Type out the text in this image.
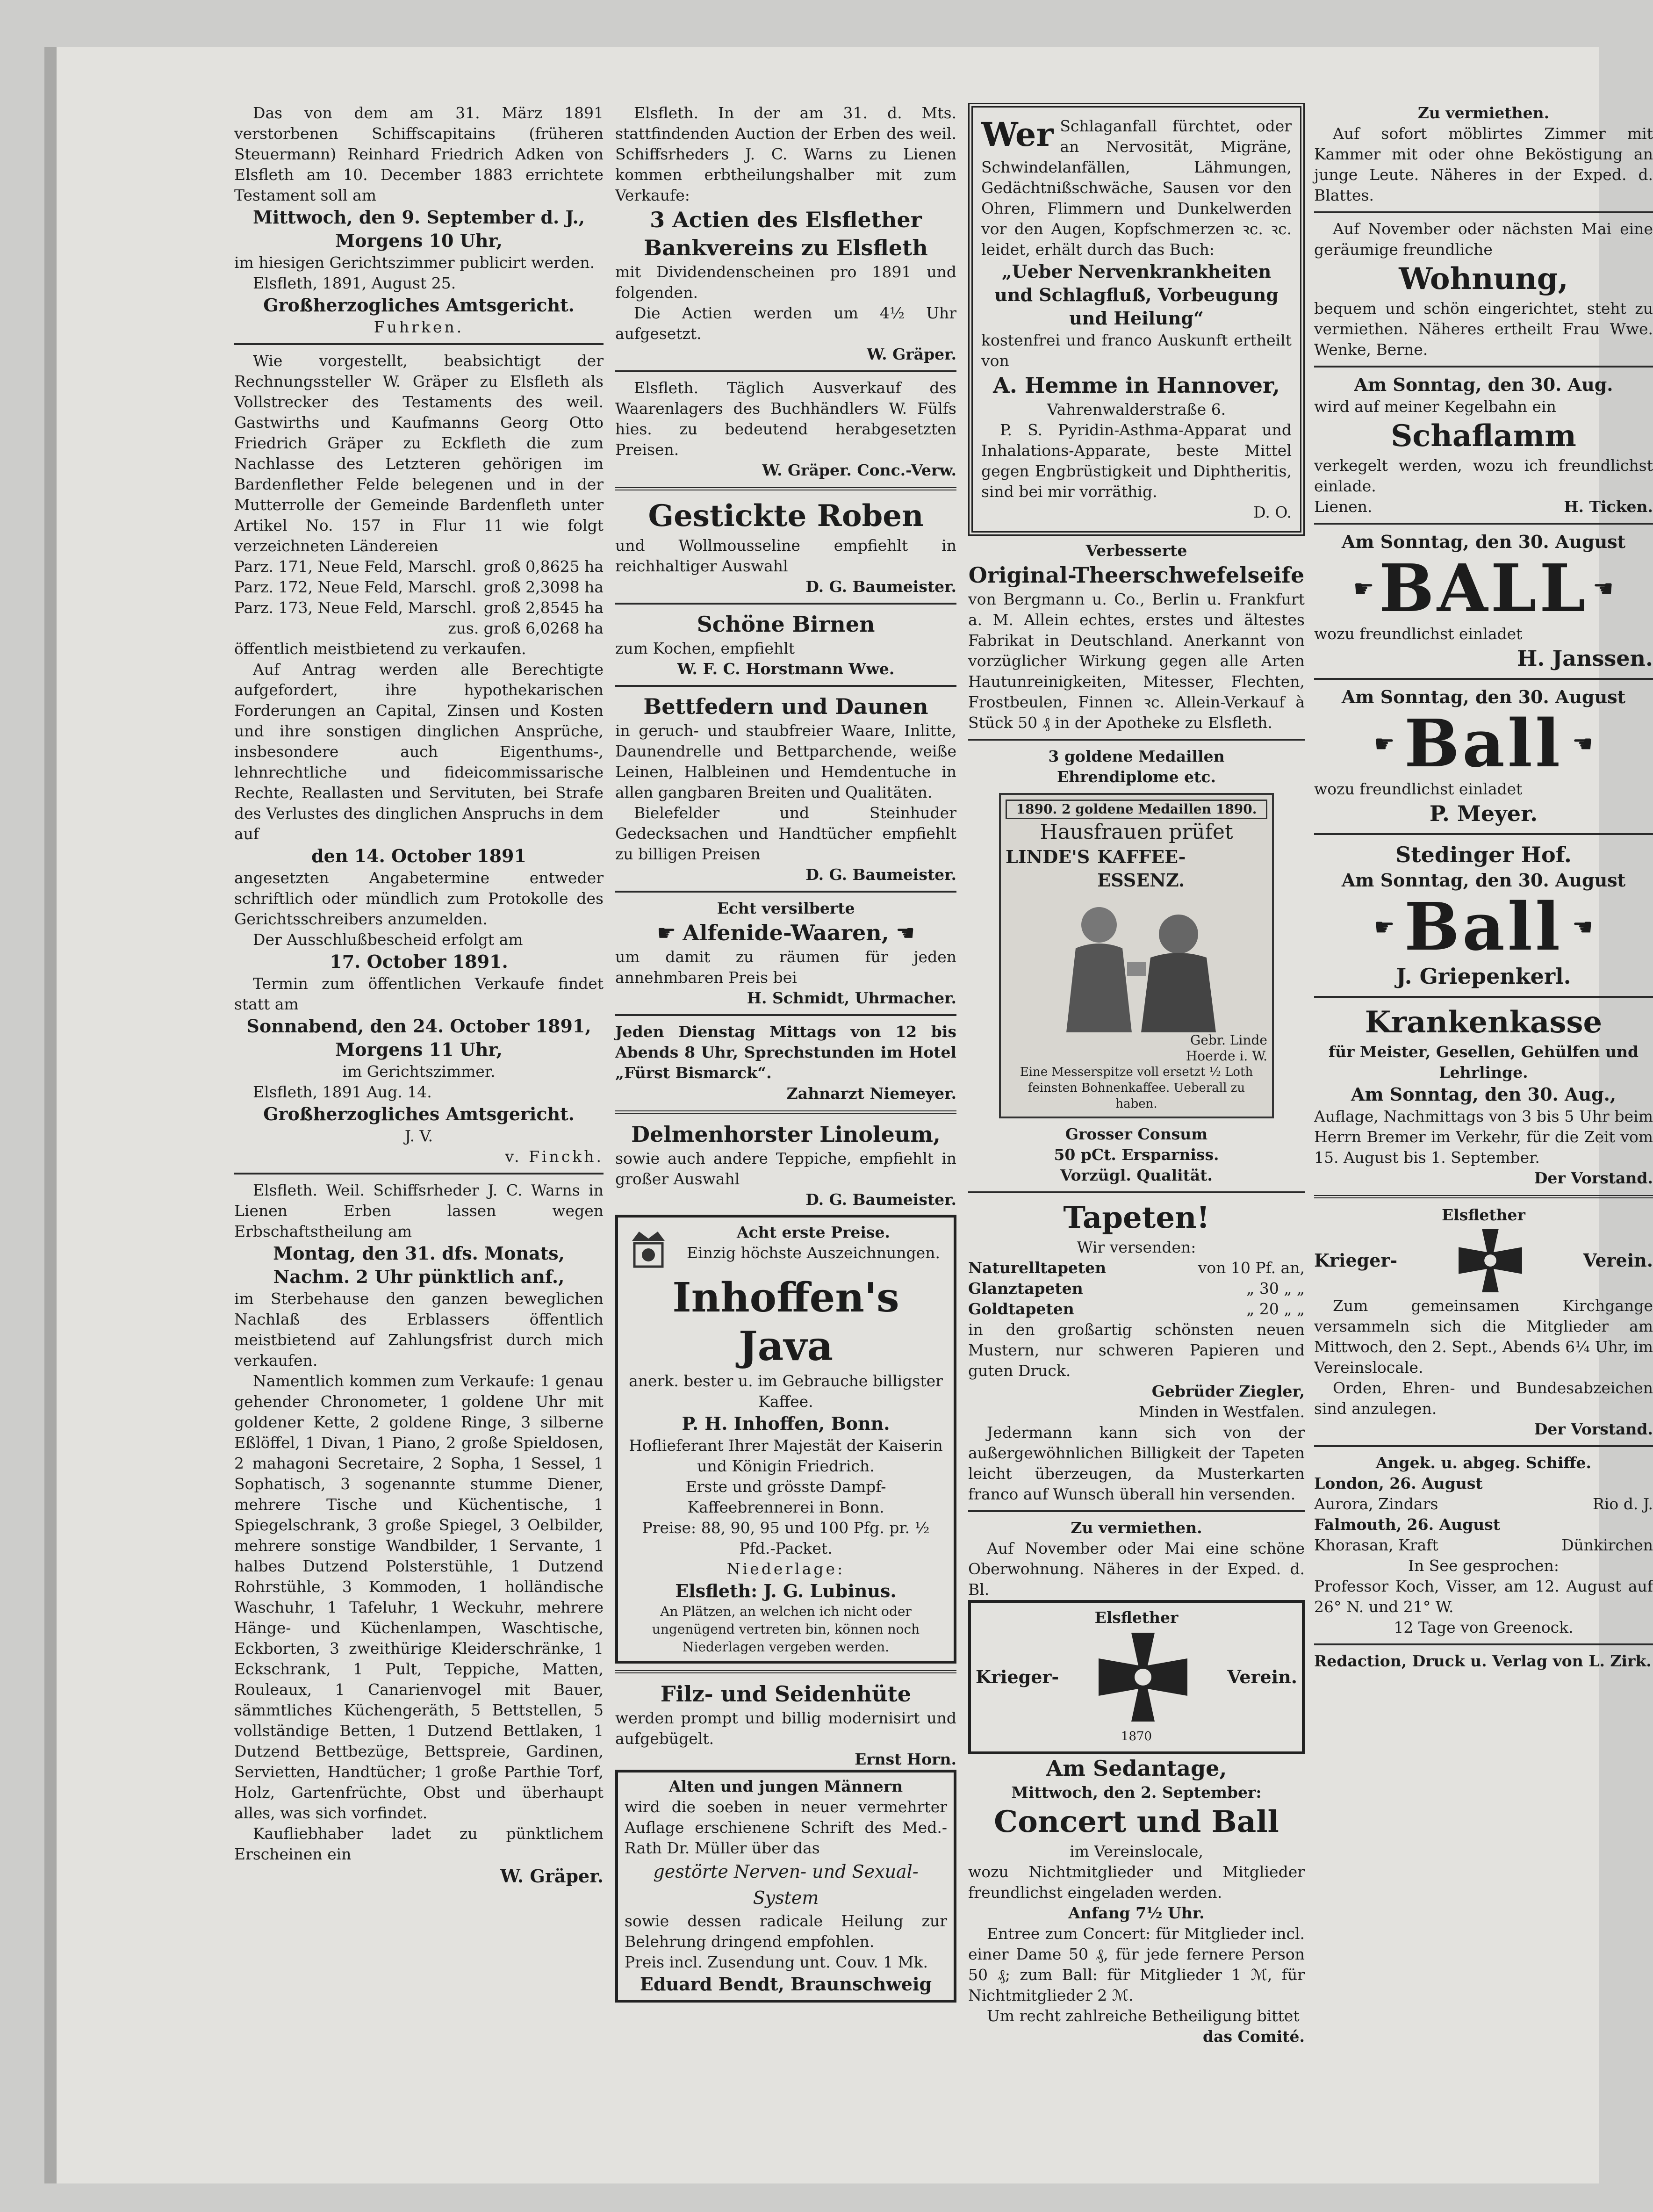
Das von dem am 31. März 1891 verstorbenen Schiffscapitains (früheren Steuermann) Reinhard Friedrich Adken von Elsfleth am 10. December 1883 errichtete Testament soll am

Mittwoch, den 9. September d. J.,

Morgens 10 Uhr,

im hiesigen Gerichtszimmer publicirt werden.

Elsfleth, 1891, August 25.

Großherzogliches Amtsgericht.

Fuhrken.

Wie vorgestellt, beabsichtigt der Rechnungssteller W. Gräper zu Elsfleth als Vollstrecker des Testaments des weil. Gastwirths und Kaufmanns Georg Otto Friedrich Gräper zu Eckfleth die zum Nachlasse des Letzteren gehörigen im Bardenflether Felde belegenen und in der Mutterrolle der Gemeinde Bardenfleth unter Artikel No. 157 in Flur 11 wie folgt verzeichneten Ländereien

Parz. 171, Neue Feld, Marschl. groß 0,8625 ha
Parz. 172, Neue Feld, Marschl. groß 2,3098 ha
Parz. 173, Neue Feld, Marschl. groß 2,8545 ha

zus. groß 6,0268 ha

öffentlich meistbietend zu verkaufen.

Auf Antrag werden alle Berechtigte aufgefordert, ihre hypothekarischen Forderungen an Capital, Zinsen und Kosten und ihre sonstigen dinglichen Ansprüche, insbesondere auch Eigenthums-, lehnrechtliche und fideicommissarische Rechte, Reallasten und Servituten, bei Strafe des Verlustes des dinglichen Anspruchs in dem auf

den 14. October 1891

angesetzten Angabetermine entweder schriftlich oder mündlich zum Protokolle des Gerichtsschreibers anzumelden.

Der Ausschlußbescheid erfolgt am

17. October 1891.

Termin zum öffentlichen Verkaufe findet statt am

Sonnabend, den 24. October 1891,

Morgens 11 Uhr,

im Gerichtszimmer.

Elsfleth, 1891 Aug. 14.

Großherzogliches Amtsgericht.

J. V.

v. Finckh.

Elsfleth. Weil. Schiffsrheder J. C. Warns in Lienen Erben lassen wegen Erbschaftstheilung am

Montag, den 31. dfs. Monats, Nachm. 2 Uhr pünktlich anf.,

im Sterbehause den ganzen beweglichen Nachlaß des Erblassers öffentlich meistbietend auf Zahlungsfrist durch mich verkaufen.

Namentlich kommen zum Verkaufe: 1 genau gehender Chronometer, 1 goldene Uhr mit goldener Kette, 2 goldene Ringe, 3 silberne Eßlöffel, 1 Divan, 1 Piano, 2 große Spieldosen, 2 mahagoni Secretaire, 2 Sopha, 1 Sessel, 1 Sophatisch, 3 sogenannte stumme Diener, mehrere Tische und Küchentische, 1 Spiegelschrank, 3 große Spiegel, 3 Oelbilder, mehrere sonstige Wandbilder, 1 Servante, 1 halbes Dutzend Polsterstühle, 1 Dutzend Rohrstühle, 3 Kommoden, 1 holländische Waschuhr, 1 Tafeluhr, 1 Weckuhr, mehrere Hänge- und Küchenlampen, Waschtische, Eckborten, 3 zweithürige Kleiderschränke, 1 Eckschrank, 1 Pult, Teppiche, Matten, Rouleaux, 1 Canarienvogel mit Bauer, sämmtliches Küchengeräth, 5 Bettstellen, 5 vollständige Betten, 1 Dutzend Bettlaken, 1 Dutzend Bettbezüge, Bettspreie, Gardinen, Servietten, Handtücher; 1 große Parthie Torf, Holz, Gartenfrüchte, Obst und überhaupt alles, was sich vorfindet.

Kaufliebhaber ladet zu pünktlichem Erscheinen ein

W. Gräper.

Elsfleth. In der am 31. d. Mts. stattfindenden Auction der Erben des weil. Schiffsrheders J. C. Warns zu Lienen kommen erbtheilungshalber mit zum Verkaufe:

3 Actien des Elsflether Bankvereins zu Elsfleth

mit Dividendenscheinen pro 1891 und folgenden.

Die Actien werden um 4½ Uhr aufgesetzt.

W. Gräper.

Elsfleth. Täglich Ausverkauf des Waarenlagers des Buchhändlers W. Fülfs hies. zu bedeutend herabgesetzten Preisen.

W. Gräper. Conc.-Verw.

Gestickte Roben

und Wollmousseline empfiehlt in reichhaltiger Auswahl

D. G. Baumeister.

Schöne Birnen

zum Kochen, empfiehlt

W. F. C. Horstmann Wwe.

Bettfedern und Daunen

in geruch- und staubfreier Waare, Inlitte, Daunendrelle und Bettparchende, weiße Leinen, Halbleinen und Hemdentuche in allen gangbaren Breiten und Qualitäten.

Bielefelder und Steinhuder Gedecksachen und Handtücher empfiehlt zu billigen Preisen

D. G. Baumeister.

Echt versilberte

☛ Alfenide-Waaren, ☛

um damit zu räumen für jeden annehmbaren Preis bei

H. Schmidt, Uhrmacher.

Jeden Dienstag Mittags von 12 bis Abends 8 Uhr, Sprechstunden im Hotel „Fürst Bismarck“.

Zahnarzt Niemeyer.

Delmenhorster Linoleum,

sowie auch andere Teppiche, empfiehlt in großer Auswahl

D. G. Baumeister.

Acht erste Preise.

Einzig höchste Auszeichnungen.

Inhoffen's Java

anerk. bester u. im Gebrauche billigster Kaffee.

P. H. Inhoffen, Bonn.

Hoflieferant Ihrer Majestät der Kaiserin und Königin Friedrich.

Erste und grösste Dampf-Kaffeebrennerei in Bonn.

Preise: 88, 90, 95 und 100 Pfg. pr. ½ Pfd.-Packet.

Niederlage:

Elsfleth: J. G. Lubinus.

An Plätzen, an welchen ich nicht oder ungenügend vertreten bin, können noch Niederlagen vergeben werden.

Filz- und Seidenhüte

werden prompt und billig modernisirt und aufgebügelt.

Ernst Horn.

Alten und jungen Männern

wird die soeben in neuer vermehrter Auflage erschienene Schrift des Med.-Rath Dr. Müller über das

gestörte Nerven- und Sexual-System

sowie dessen radicale Heilung zur Belehrung dringend empfohlen.

Preis incl. Zusendung unt. Couv. 1 Mk.

Eduard Bendt, Braunschweig

Wer Schlaganfall fürchtet, oder an Nervosität, Migräne, Schwindelanfällen, Lähmungen, Gedächtnißschwäche, Sausen vor den Ohren, Flimmern und Dunkelwerden vor den Augen, Kopfschmerzen ꝛc. ꝛc. leidet, erhält durch das Buch:

„Ueber Nervenkrankheiten und Schlagfluß, Vorbeugung und Heilung“

kostenfrei und franco Auskunft ertheilt von

A. Hemme in Hannover,

Vahrenwalderstraße 6.

P. S. Pyridin-Asthma-Apparat und Inhalations-Apparate, beste Mittel gegen Engbrüstigkeit und Diphtheritis, sind bei mir vorräthig.

D. O.

Verbesserte

Original-Theerschwefelseife

von Bergmann u. Co., Berlin u. Frankfurt a. M. Allein echtes, erstes und ältestes Fabrikat in Deutschland. Anerkannt von vorzüglicher Wirkung gegen alle Arten Hautunreinigkeiten, Mitesser, Flechten, Frostbeulen, Finnen ꝛc. Allein-Verkauf à Stück 50 ₰ in der Apotheke zu Elsfleth.

3 goldene Medaillen

Ehrendiplome etc.

1890. 2 goldene Medaillen 1890.

Hausfrauen prüfet

LINDE'S KAFFEE-ESSENZ.

Gebr. Linde

Hoerde i. W.

Eine Messerspitze voll ersetzt ½ Loth feinsten Bohnenkaffee. Ueberall zu haben.

Grosser Consum

50 pCt. Ersparniss.

Vorzügl. Qualität.

Tapeten!

Wir versenden:

Naturelltapeten	von 10 Pf. an,
Glanztapeten	„ 30 „ „
Goldtapeten	„ 20 „ „

in den großartig schönsten neuen Mustern, nur schweren Papieren und guten Druck.

Gebrüder Ziegler,

Minden in Westfalen.

Jedermann kann sich von der außergewöhnlichen Billigkeit der Tapeten leicht überzeugen, da Musterkarten franco auf Wunsch überall hin versenden.

Zu vermiethen.

Auf November oder Mai eine schöne Oberwohnung. Näheres in der Exped. d. Bl.

Elsflether

Krieger-	Verein.

1870

Am Sedantage,

Mittwoch, den 2. September:

Concert und Ball

im Vereinslocale,

wozu Nichtmitglieder und Mitglieder freundlichst eingeladen werden.

Anfang 7½ Uhr.

Entree zum Concert: für Mitglieder incl. einer Dame 50 ₰, für jede fernere Person 50 ₰; zum Ball: für Mitglieder 1 ℳ, für Nichtmitglieder 2 ℳ.

Um recht zahlreiche Betheiligung bittet

das Comité.

Zu vermiethen.

Auf sofort möblirtes Zimmer mit Kammer mit oder ohne Beköstigung an junge Leute. Näheres in der Exped. d. Blattes.

Auf November oder nächsten Mai eine geräumige freundliche

Wohnung,

bequem und schön eingerichtet, steht zu vermiethen. Näheres ertheilt Frau Wwe. Wenke, Berne.

Am Sonntag, den 30. Aug.

wird auf meiner Kegelbahn ein

Schaflamm

verkegelt werden, wozu ich freundlichst einlade.

Lienen.	H. Ticken.

Am Sonntag, den 30. August

☛ BALL ☛

wozu freundlichst einladet

H. Janssen.

Am Sonntag, den 30. August

☛ Ball ☛

wozu freundlichst einladet

P. Meyer.

Stedinger Hof.

Am Sonntag, den 30. August

☛ Ball ☛

J. Griepenkerl.

Krankenkasse

für Meister, Gesellen, Gehülfen und Lehrlinge.

Am Sonntag, den 30. Aug.,

Auflage, Nachmittags von 3 bis 5 Uhr beim Herrn Bremer im Verkehr, für die Zeit vom 15. August bis 1. September.

Der Vorstand.

Elsflether

Krieger-	Verein.

Zum gemeinsamen Kirchgange versammeln sich die Mitglieder am Mittwoch, den 2. Sept., Abends 6¼ Uhr, im Vereinslocale.

Orden, Ehren- und Bundesabzeichen sind anzulegen.

Der Vorstand.

Angek. u. abgeg. Schiffe.

London, 26. August

Aurora, Zindars	Rio d. J.

Falmouth, 26. August

Khorasan, Kraft	Dünkirchen

In See gesprochen:

Professor Koch, Visser, am 12. August auf 26° N. und 21° W.

12 Tage von Greenock.

Redaction, Druck u. Verlag von L. Zirk.
